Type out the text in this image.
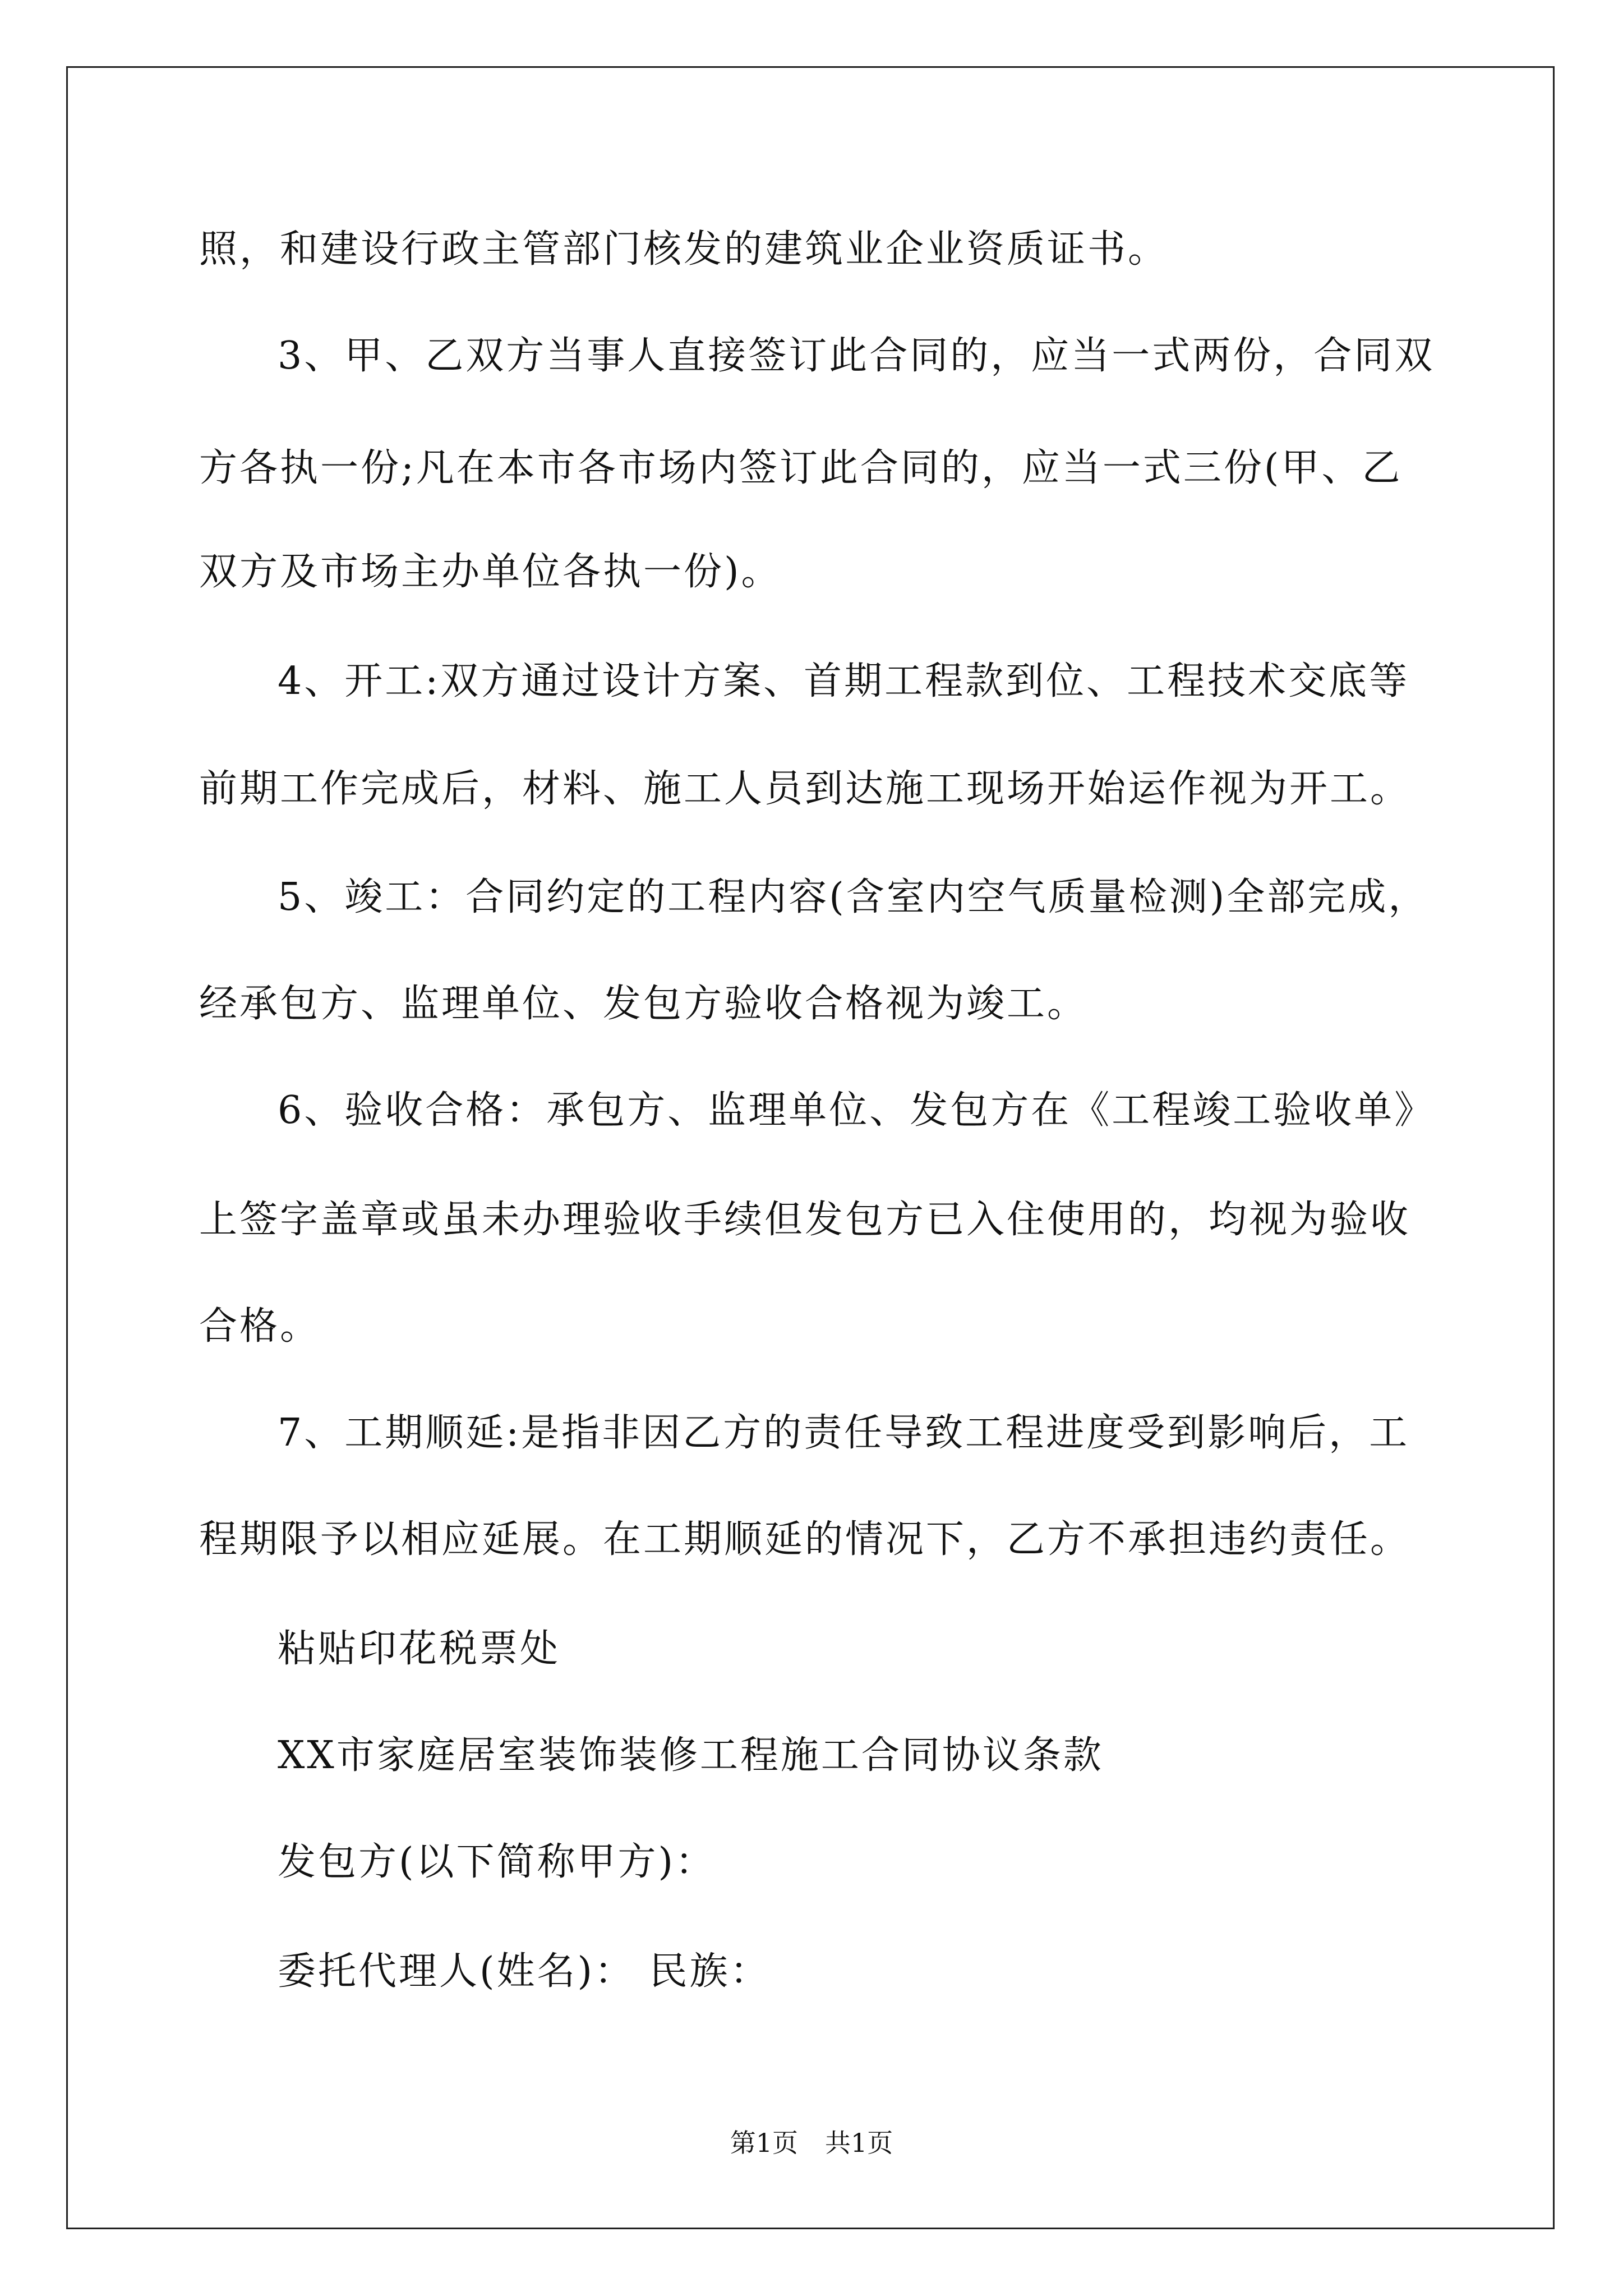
照，和建设行政主管部门核发的建筑业企业资质证书。
3、甲、乙双方当事人直接签订此合同的，应当一式两份，合同双
方各执一份;凡在本市各市场内签订此合同的，应当一式三份(甲、乙
双方及市场主办单位各执一份)。
4、开工:双方通过设计方案、首期工程款到位、工程技术交底等
前期工作完成后，材料、施工人员到达施工现场开始运作视为开工。
5、竣工：合同约定的工程内容(含室内空气质量检测)全部完成，
经承包方、监理单位、发包方验收合格视为竣工。
6、验收合格：承包方、监理单位、发包方在《工程竣工验收单》
上签字盖章或虽未办理验收手续但发包方已入住使用的，均视为验收
合格。
7、工期顺延:是指非因乙方的责任导致工程进度受到影响后，工
程期限予以相应延展。在工期顺延的情况下，乙方不承担违约责任。
粘贴印花税票处
XX市家庭居室装饰装修工程施工合同协议条款
发包方(以下简称甲方)：
委托代理人(姓名)： 民族：
第1页 共1页
